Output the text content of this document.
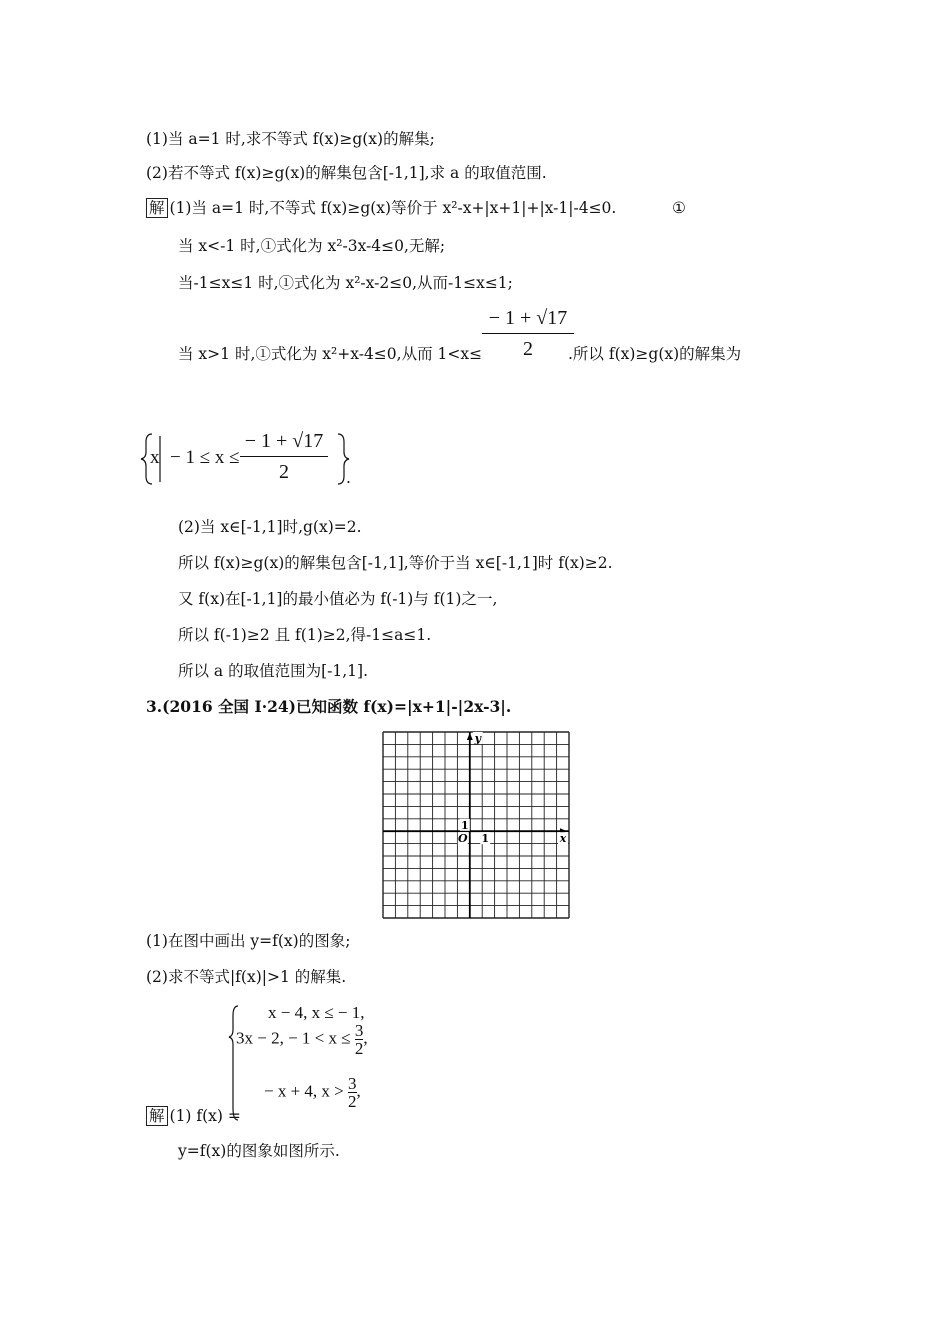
(1)当 a=1 时,求不等式 f(x)≥g(x)的解集;
(2)若不等式 f(x)≥g(x)的解集包含[-1,1],求 a 的取值范围.
解 (1)当 a=1 时,不等式 f(x)≥g(x)等价于 x²-x+|x+1|+|x-1|-4≤0.	①
当 x<-1 时,①式化为 x²-3x-4≤0,无解;
当-1≤x≤1 时,①式化为 x²-x-2≤0,从而-1≤x≤1;
当 x>1 时,①式化为 x²+x-4≤0,从而 1<x≤
− 1 + √17
2	.所以 f(x)≥g(x)的解集为
x − 1 ≤ x ≤
− 1 + √17
2	.
(2)当 x∈[-1,1]时,g(x)=2.
所以 f(x)≥g(x)的解集包含[-1,1],等价于当 x∈[-1,1]时 f(x)≥2.
又 f(x)在[-1,1]的最小值必为 f(-1)与 f(1)之一,
所以 f(-1)≥2 且 f(1)≥2,得-1≤a≤1.
所以 a 的取值范围为[-1,1].
3.(2016 全国 Ⅰ·24)已知函数 f(x)=|x+1|-|2x-3|.
y
x
O
1
1
(1)在图中画出 y=f(x)的图象;
(2)求不等式|f(x)|>1 的解集.
x − 4, x ≤ − 1,
3x − 2, − $1 < x \le \frac{3}{2}$,
− x + 4, $x > \frac{3}{2}$,
解 (1) f(x) =
y=f(x)的图象如图所示.
